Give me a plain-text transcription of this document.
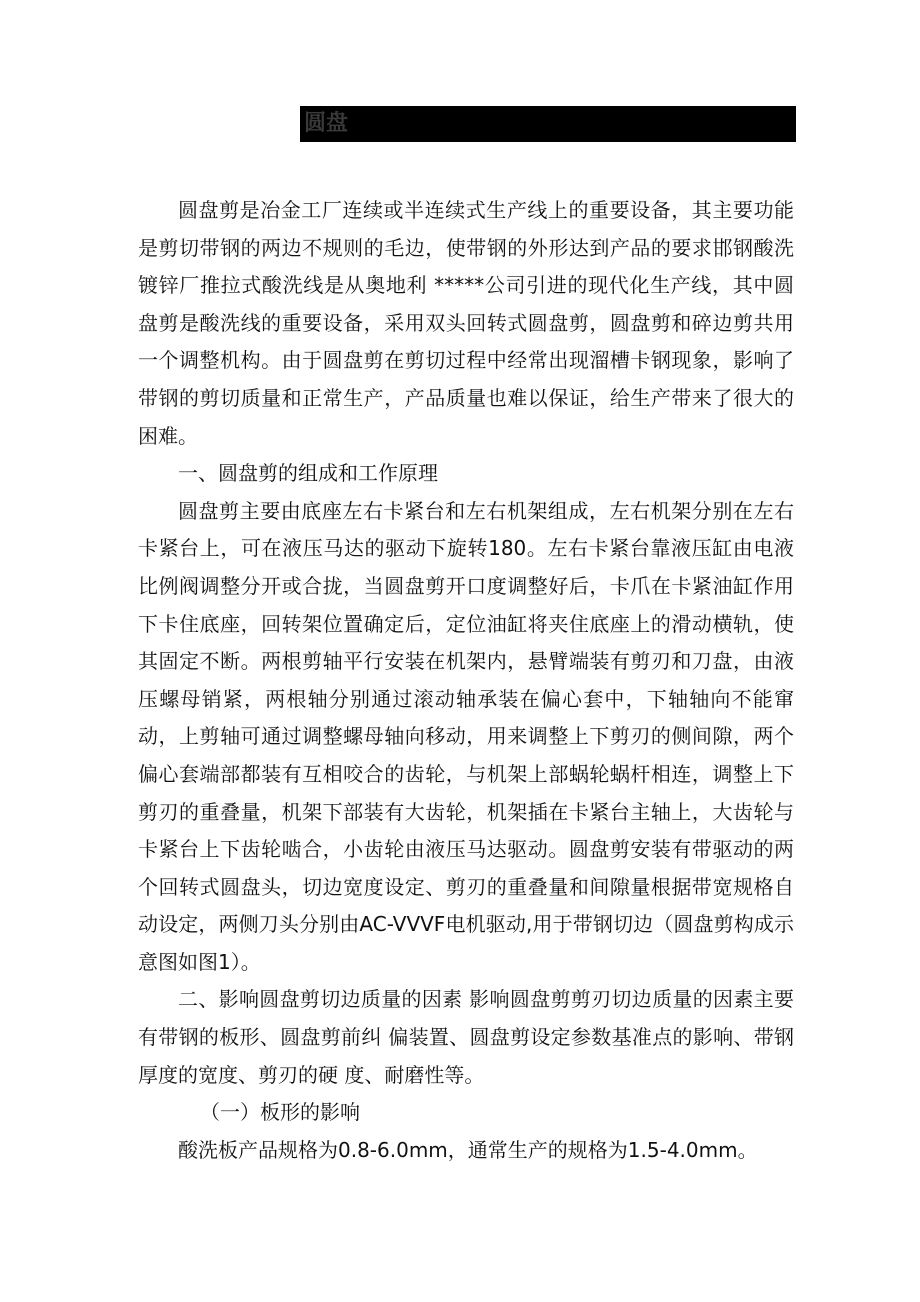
圆盘

圆盘剪是冶金工厂连续或半连续式生产线上的重要设备，其主要功能是剪切带钢的两边不规则的毛边，使带钢的外形达到产品的要求邯钢酸洗镀锌厂推拉式酸洗线是从奥地利 *****公司引进的现代化生产线，其中圆盘剪是酸洗线的重要设备，采用双头回转式圆盘剪，圆盘剪和碎边剪共用一个调整机构。由于圆盘剪在剪切过程中经常出现溜槽卡钢现象，影响了带钢的剪切质量和正常生产，产品质量也难以保证，给生产带来了很大的困难。

一、圆盘剪的组成和工作原理

圆盘剪主要由底座左右卡紧台和左右机架组成，左右机架分别在左右卡紧台上，可在液压马达的驱动下旋转180。左右卡紧台靠液压缸由电液比例阀调整分开或合拢，当圆盘剪开口度调整好后，卡爪在卡紧油缸作用下卡住底座，回转架位置确定后，定位油缸将夹住底座上的滑动横轨，使其固定不断。两根剪轴平行安装在机架内，悬臂端装有剪刃和刀盘，由液压螺母销紧，两根轴分别通过滚动轴承装在偏心套中，下轴轴向不能窜动，上剪轴可通过调整螺母轴向移动，用来调整上下剪刃的侧间隙，两个偏心套端部都装有互相咬合的齿轮，与机架上部蜗轮蜗杆相连，调整上下剪刃的重叠量，机架下部装有大齿轮，机架插在卡紧台主轴上，大齿轮与卡紧台上下齿轮啮合，小齿轮由液压马达驱动。圆盘剪安装有带驱动的两个回转式圆盘头，切边宽度设定、剪刃的重叠量和间隙量根据带宽规格自动设定，两侧刀头分别由AC-VVVF电机驱动,用于带钢切边（圆盘剪构成示意图如图1）。

二、影响圆盘剪切边质量的因素 影响圆盘剪剪刃切边质量的因素主要有带钢的板形、圆盘剪前纠 偏装置、圆盘剪设定参数基准点的影响、带钢厚度的宽度、剪刃的硬 度、耐磨性等。

（一）板形的影响

酸洗板产品规格为0.8-6.0mm，通常生产的规格为1.5-4.0mm。
